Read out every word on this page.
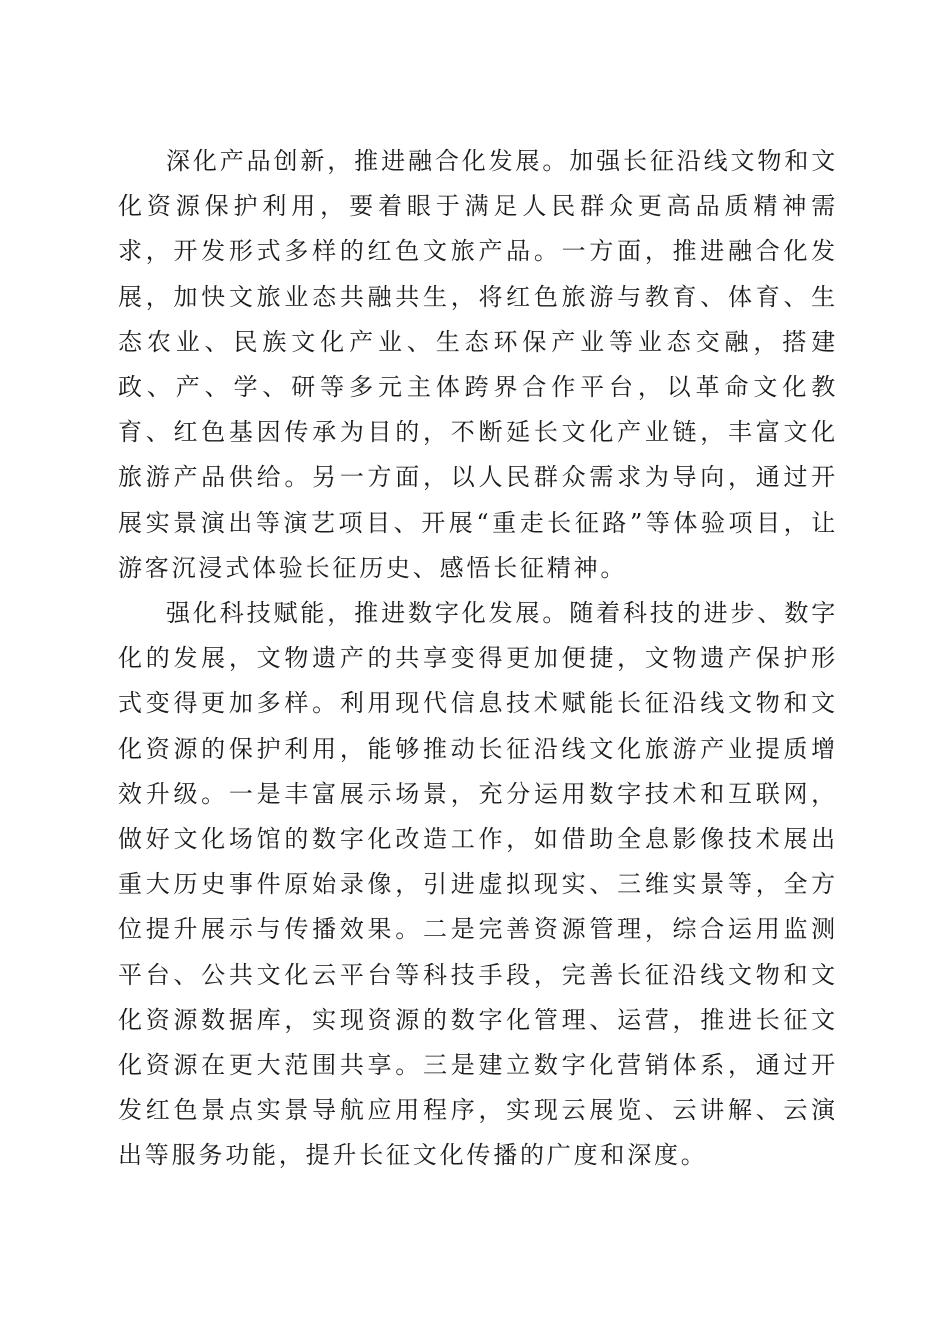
深化产品创新，推进融合化发展。加强长征沿线文物和文化资源保护利用，要着眼于满足人民群众更高品质精神需求，开发形式多样的红色文旅产品。一方面，推进融合化发展，加快文旅业态共融共生，将红色旅游与教育、体育、生态农业、民族文化产业、生态环保产业等业态交融，搭建政、产、学、研等多元主体跨界合作平台，以革命文化教育、红色基因传承为目的，不断延长文化产业链，丰富文化旅游产品供给。另一方面，以人民群众需求为导向，通过开展实景演出等演艺项目、开展“重走长征路”等体验项目，让游客沉浸式体验长征历史、感悟长征精神。

强化科技赋能，推进数字化发展。随着科技的进步、数字化的发展，文物遗产的共享变得更加便捷，文物遗产保护形式变得更加多样。利用现代信息技术赋能长征沿线文物和文化资源的保护利用，能够推动长征沿线文化旅游产业提质增效升级。一是丰富展示场景，充分运用数字技术和互联网，做好文化场馆的数字化改造工作，如借助全息影像技术展出重大历史事件原始录像，引进虚拟现实、三维实景等，全方位提升展示与传播效果。二是完善资源管理，综合运用监测平台、公共文化云平台等科技手段，完善长征沿线文物和文化资源数据库，实现资源的数字化管理、运营，推进长征文化资源在更大范围共享。三是建立数字化营销体系，通过开发红色景点实景导航应用程序，实现云展览、云讲解、云演出等服务功能，提升长征文化传播的广度和深度。
